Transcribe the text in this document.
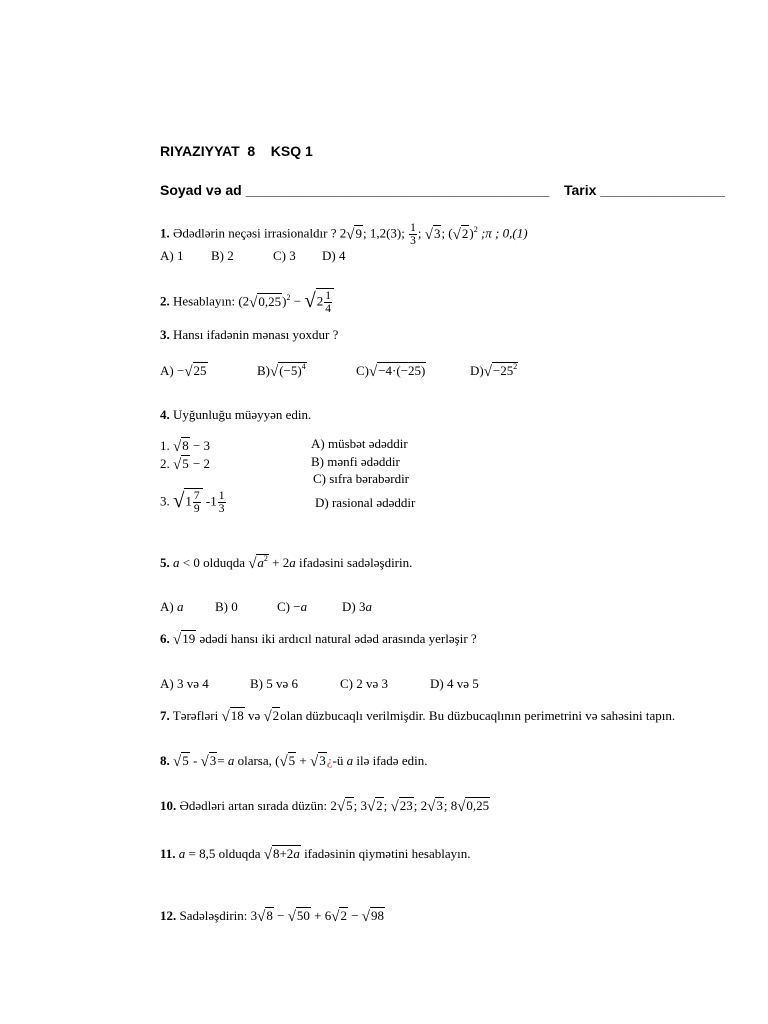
RIYAZIYYAT  8    KSQ 1
Soyad və ad _______________________________________ Tarix ________________
1. Ədədlərin neçəsi irrasionaldır ? 2√9; 1,2(3); $\frac{1}{3}$ ; √3; $(√2)^2$ ;π ; 0,(1)
A) 1 B) 2	C) 3 D) 4
2. Hesablayın: $(2√0,25)^2 - √2 \frac{1}{4}$
3. Hansı ifadənin mənası yoxdur ?
A) −√25	$B)√(-5)^4$	C)√−4·(−25)	$D)√-25^2$
4. Uyğunluğu müəyyən edin.
1. √8 − 3
2. √5 − 2
3. $√1 \frac{7}{9} -1 \frac{1}{3}$
A) müsbət ədəddir
B) mənfi ədəddir
C) sıfra bərabərdir
D) rasional ədəddir
5. a < 0 olduqda $√a^2 + 2a$ ifadəsini sadələşdirin.
A) a B) 0	C) −a	D) 3a
6. √19 ədədi hansı iki ardıcıl natural ədəd arasında yerləşir ?
A) 3 və 4	B) 5 və 6	C) 2 və 3	D) 4 və 5
7. Tərəfləri √18 və √2olan düzbucaqlı verilmişdir. Bu düzbucaqlının perimetrini və sahəsini tapın.
8. √5 - √3= a olarsa, (√5 + √3¿-ü a ilə ifadə edin.
10. Ədədləri artan sırada düzün: 2√5; 3√2; √23; 2√3; 8√0,25
11. a = 8,5 olduqda √8+2a ifadəsinin qiymətini hesablayın.
12. Sadələşdirin: 3√8 − √50 + 6√2 − √98
